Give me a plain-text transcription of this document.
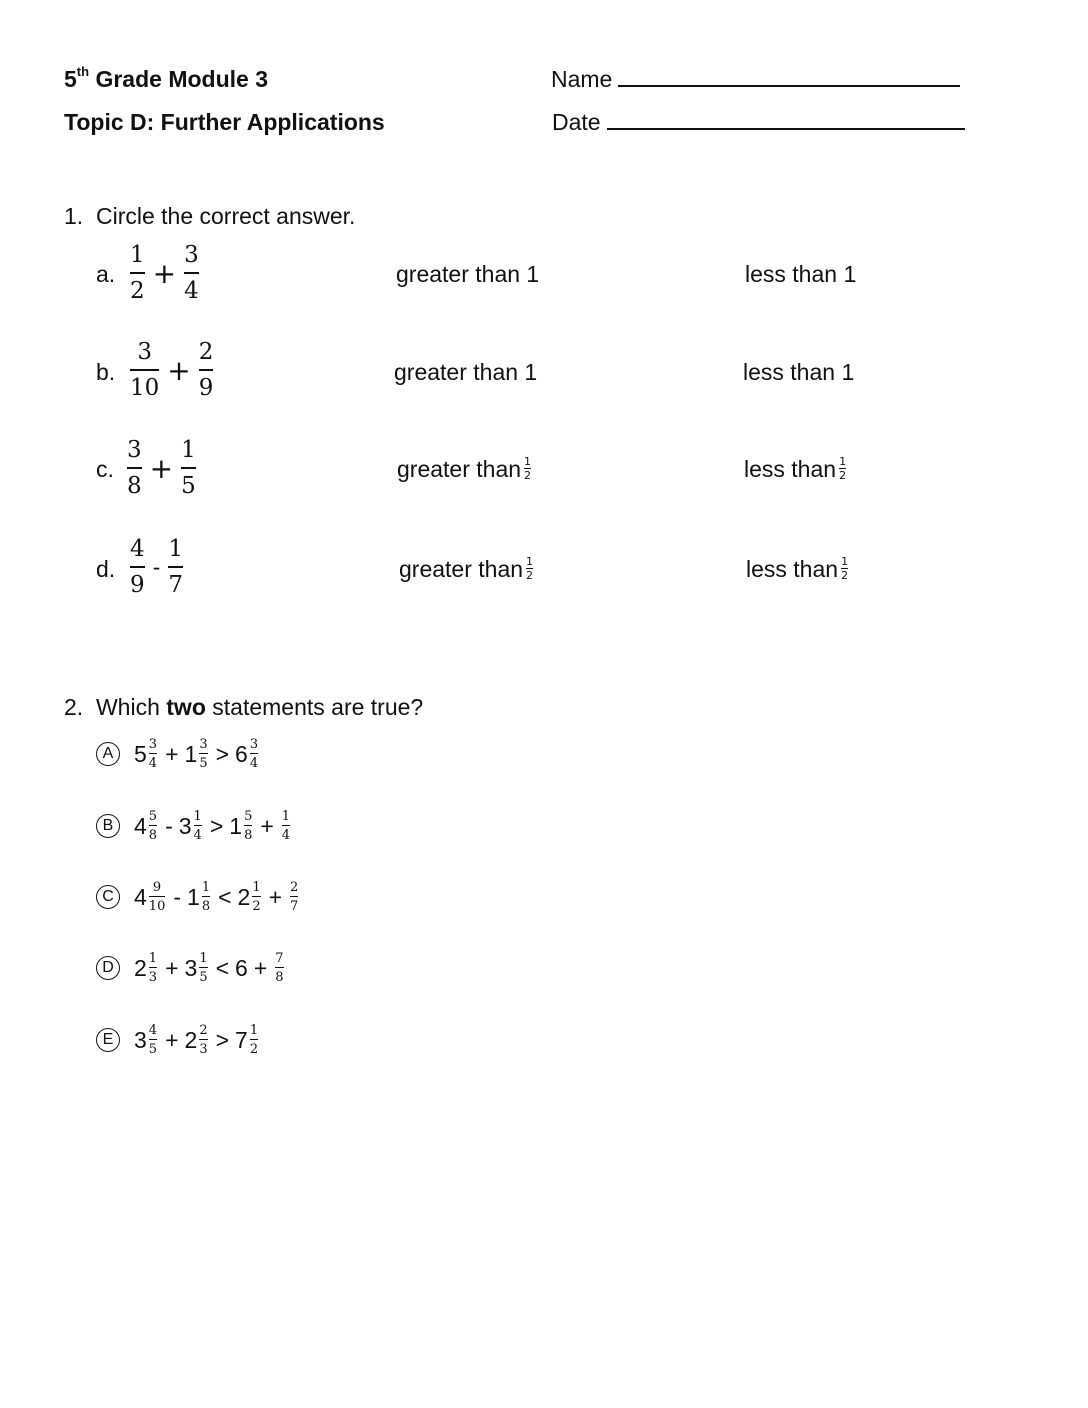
5th Grade Module 3
Topic D: Further Applications
Name
Date
1. Circle the correct answer.
a. $\frac{1}{2} + \frac{3}{4}$	greater than 1	less than 1
b. $\frac{3}{10} + \frac{2}{9}$	greater than 1	less than 1
c. $\frac{3}{8} + \frac{1}{5}$	greater than $\frac{1}{2}$	less than $\frac{1}{2}$
d. $\frac{4}{9} - \frac{1}{7}$	greater than $\frac{1}{2}$	less than $\frac{1}{2}$
2. Which two statements are true?
A 5 3
4 + 1 3
5 > 6 3
4
B 4 5
8 - 3 1
4 > 1 5
8 + 1
4
C 4 9
10 - 1 1
8 < 2 1
2 + 2
7
D 2 1
3 + 3 1
5 < 6 + 7
8
E 3 4
5 + 2 2
3 > 7 1
2
